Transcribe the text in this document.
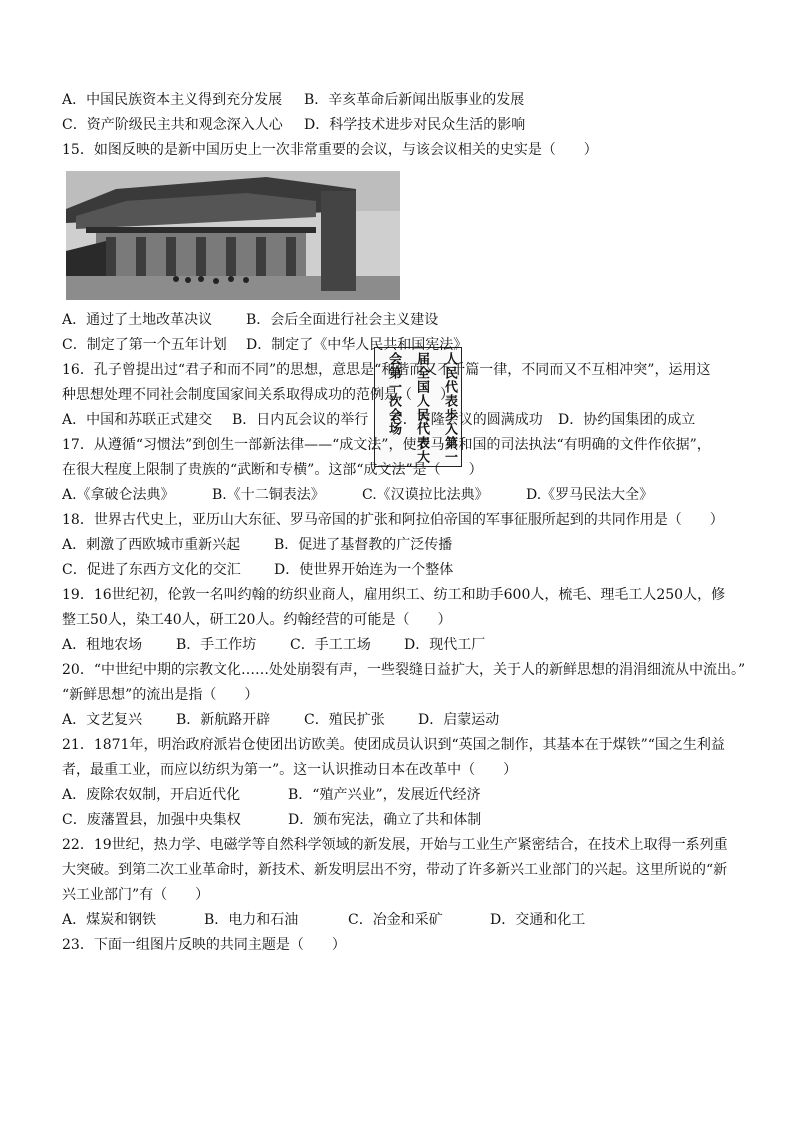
A．中国民族资本主义得到充分发展 B．辛亥革命后新闻出版事业的发展
C．资产阶级民主共和观念深入人心 D．科学技术进步对民众生活的影响
15．如图反映的是新中国历史上一次非常重要的会议，与该会议相关的史实是（　　）
人民代表步入第一
届全国人民代表大
会第一次会场
A．通过了土地改革决议 B．会后全面进行社会主义建设
C．制定了第一个五年计划 D．制定了《中华人民共和国宪法》
16．孔子曾提出过“君子和而不同”的思想，意思是“和谐而又不千篇一律，不同而又不互相冲突”，运用这
种思想处理不同社会制度国家间关系取得成功的范例是（　　）
A．中国和苏联正式建交 B．日内瓦会议的举行 C．万隆会议的圆满成功 D．协约国集团的成立
17．从遵循“习惯法”到创生一部新法律——“成文法”，使罗马共和国的司法执法“有明确的文件作依据”，
在很大程度上限制了贵族的“武断和专横”。这部“成文法”是（　　）
A.《拿破仑法典》	B.《十二铜表法》	C.《汉谟拉比法典》	D.《罗马民法大全》
18．世界古代史上，亚历山大东征、罗马帝国的扩张和阿拉伯帝国的军事征服所起到的共同作用是（　　）
A．刺激了西欧城市重新兴起 B．促进了基督教的广泛传播
C．促进了东西方文化的交汇 D．使世界开始连为一个整体
19．16世纪初，伦敦一名叫约翰的纺织业商人，雇用织工、纺工和助手600人，梳毛、理毛工人250人，修
整工50人，染工40人，研工20人。约翰经营的可能是（　　）
A．租地农场 B．手工作坊 C．手工工场 D．现代工厂
20．“中世纪中期的宗教文化……处处崩裂有声，一些裂缝日益扩大，关于人的新鲜思想的涓涓细流从中流出。”
“新鲜思想”的流出是指（　　）
A．文艺复兴 B．新航路开辟 C．殖民扩张 D．启蒙运动
21．1871年，明治政府派岩仓使团出访欧美。使团成员认识到“英国之制作，其基本在于煤铁”“国之生利益
者，最重工业，而应以纺织为第一”。这一认识推动日本在改革中（　　）
A．废除农奴制，开启近代化	B．“殖产兴业”，发展近代经济
C．废藩置县，加强中央集权	D．颁布宪法，确立了共和体制
22．19世纪，热力学、电磁学等自然科学领域的新发展，开始与工业生产紧密结合，在技术上取得一系列重
大突破。到第二次工业革命时，新技术、新发明层出不穷，带动了许多新兴工业部门的兴起。这里所说的“新
兴工业部门”有（　　）
A．煤炭和钢铁	B．电力和石油	C．冶金和采矿	D．交通和化工
23．下面一组图片反映的共同主题是（　　）
